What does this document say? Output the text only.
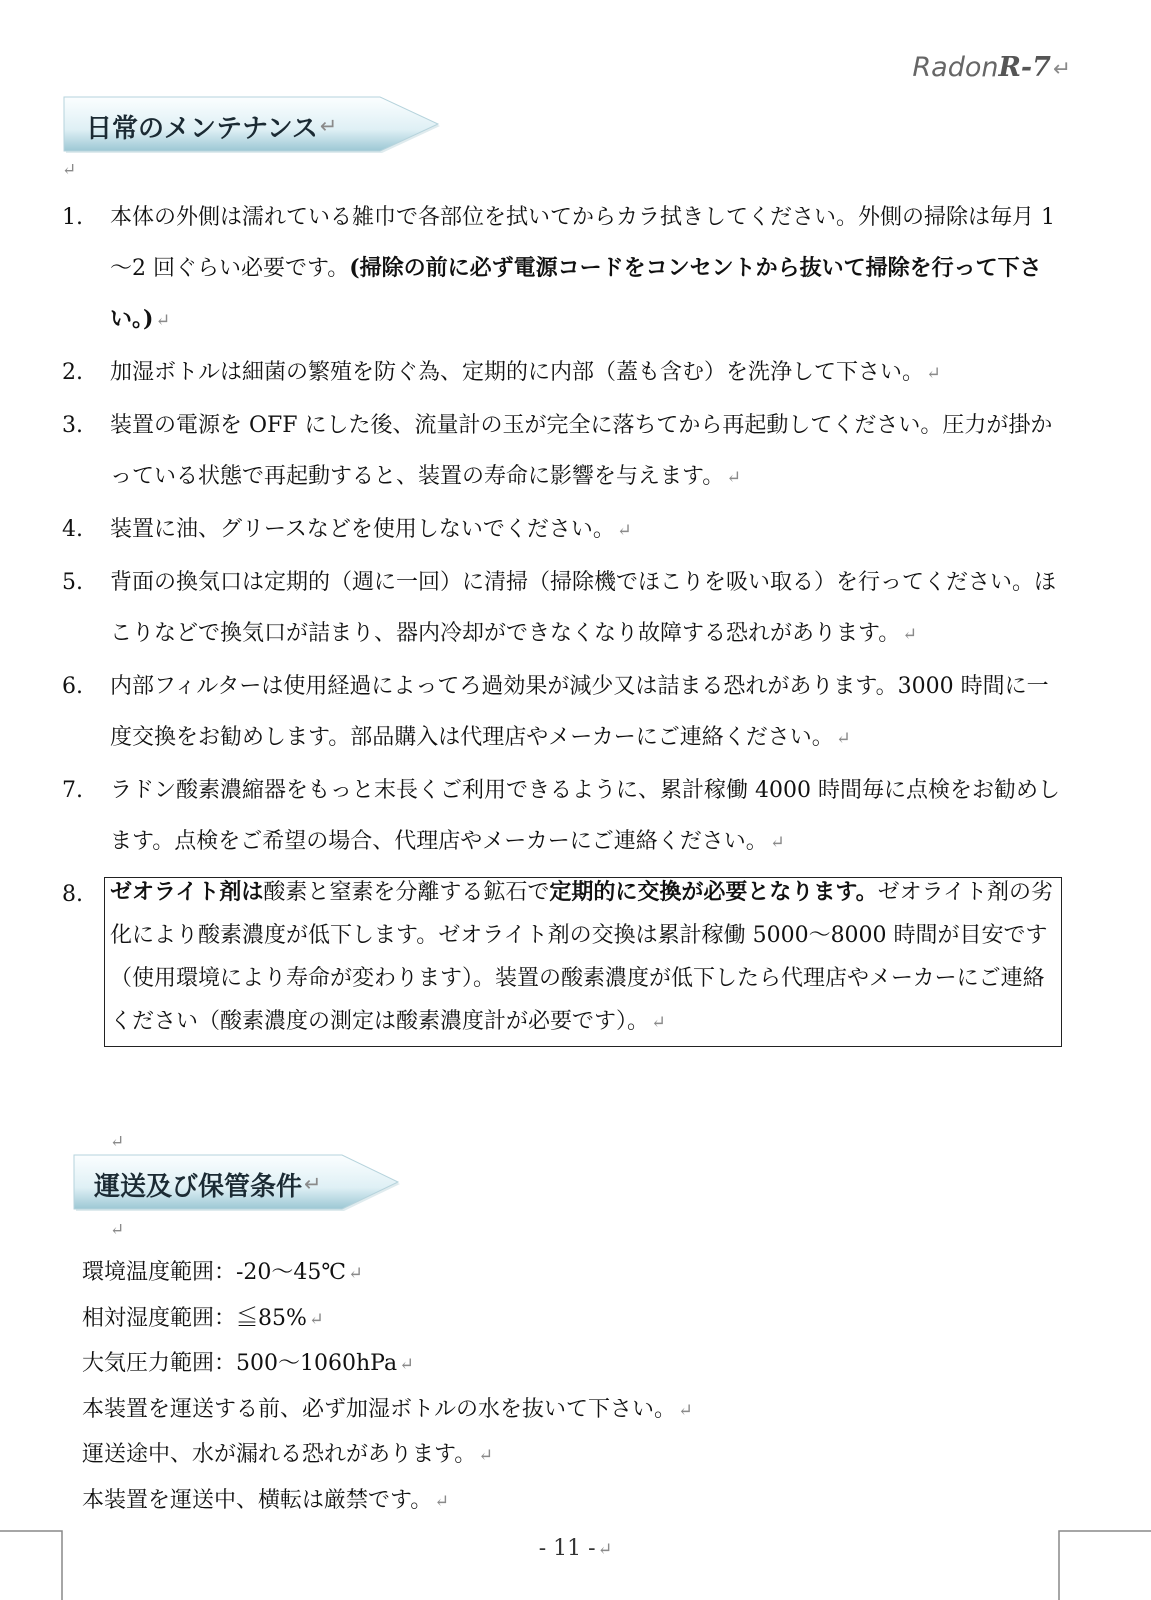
RadonR-7↵
日常のメンテナンス ↵
↵
1.	本体の外側は濡れている雑巾で各部位を拭いてからカラ拭きしてください。外側の掃除は毎月 1～2 回ぐらい必要です。(掃除の前に必ず電源コードをコンセントから抜いて掃除を行って下さい。) ↵
2.	加湿ボトルは細菌の繁殖を防ぐ為、定期的に内部（蓋も含む）を洗浄して下さい。 ↵
3.	装置の電源を OFF にした後、流量計の玉が完全に落ちてから再起動してください。圧力が掛かっている状態で再起動すると、装置の寿命に影響を与えます。 ↵
4.	装置に油、グリースなどを使用しないでください。 ↵
5.	背面の換気口は定期的（週に一回）に清掃（掃除機でほこりを吸い取る）を行ってください。ほこりなどで換気口が詰まり、器内冷却ができなくなり故障する恐れがあります。 ↵
6.	内部フィルターは使用経過によってろ過効果が減少又は詰まる恐れがあります。3000 時間に一度交換をお勧めします。部品購入は代理店やメーカーにご連絡ください。 ↵
7.	ラドン酸素濃縮器をもっと末長くご利用できるように、累計稼働 4000 時間毎に点検をお勧めします。点検をご希望の場合、代理店やメーカーにご連絡ください。 ↵
8.	ゼオライト剤は酸素と窒素を分離する鉱石で定期的に交換が必要となります。ゼオライト剤の劣化により酸素濃度が低下します。ゼオライト剤の交換は累計稼働 5000～8000 時間が目安です（使用環境により寿命が変わります）。装置の酸素濃度が低下したら代理店やメーカーにご連絡ください（酸素濃度の測定は酸素濃度計が必要です）。 ↵
↵
運送及び保管条件 ↵
↵
環境温度範囲：-20～45℃ ↵
相対湿度範囲：≦85% ↵
大気圧力範囲：500～1060hPa ↵
本装置を運送する前、必ず加湿ボトルの水を抜いて下さい。 ↵
運送途中、水が漏れる恐れがあります。 ↵
本装置を運送中、横転は厳禁です。 ↵
- 11 - ↵
